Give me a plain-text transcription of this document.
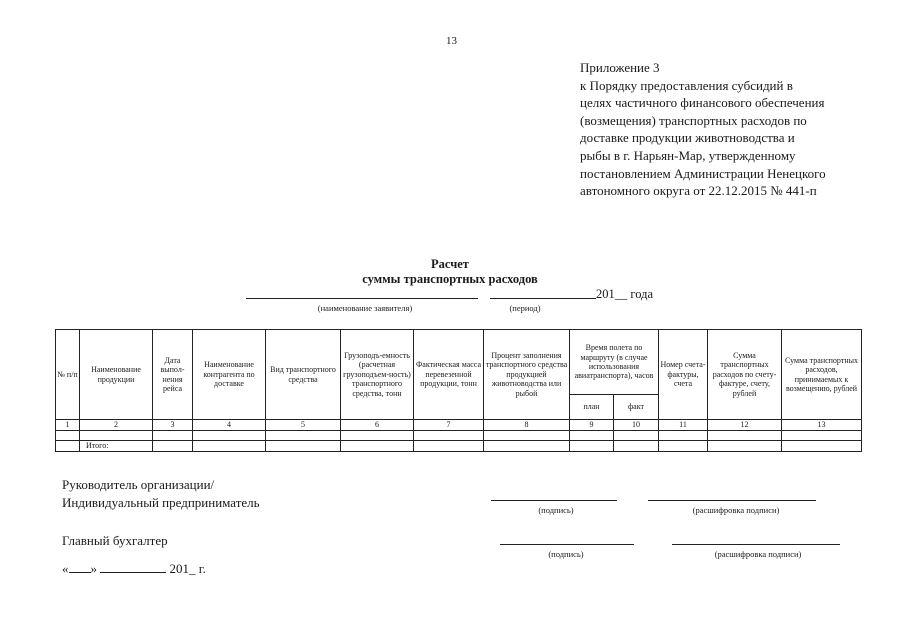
13
Приложение 3
к Порядку предоставления субсидий в
целях частичного финансового обеспечения
(возмещения) транспортных расходов по
доставке продукции животноводства и
рыбы в г. Нарьян-Мар, утвержденному
постановлением Администрации Ненецкого
автономного округа от 22.12.2015 № 441-п
Расчет
суммы транспортных расходов
(наименование заявителя)
201__ года
(период)
№ п/п	Наименование продукции	Дата выпол-нения рейса	Наименование контрагента по доставке	Вид транспортного средства	Грузоподъ-емность (расчетная грузоподъем-ность) транспортного средства, тонн	Фактическая масса перевезенной продукции, тонн	Процент заполнения транспортного средства продукцией животноводства или рыбой	Время полета по маршруту (в случае использования авиатранспорта), часов		Номер счета-фактуры, счета	Сумма транспортных расходов по счету-фактуре, счету, рублей	Сумма транспортных расходов, принимаемых к возмещению, рублей
								план	факт			
1	2	3	4	5	6	7	8	9	10	11	12	13

	Итого:											
Руководитель организации/
Индивидуальный предприниматель	(подпись)	(расшифровка подписи)
Главный бухгалтер
(подпись)	(расшифровка подписи)
« »	201_ г.
